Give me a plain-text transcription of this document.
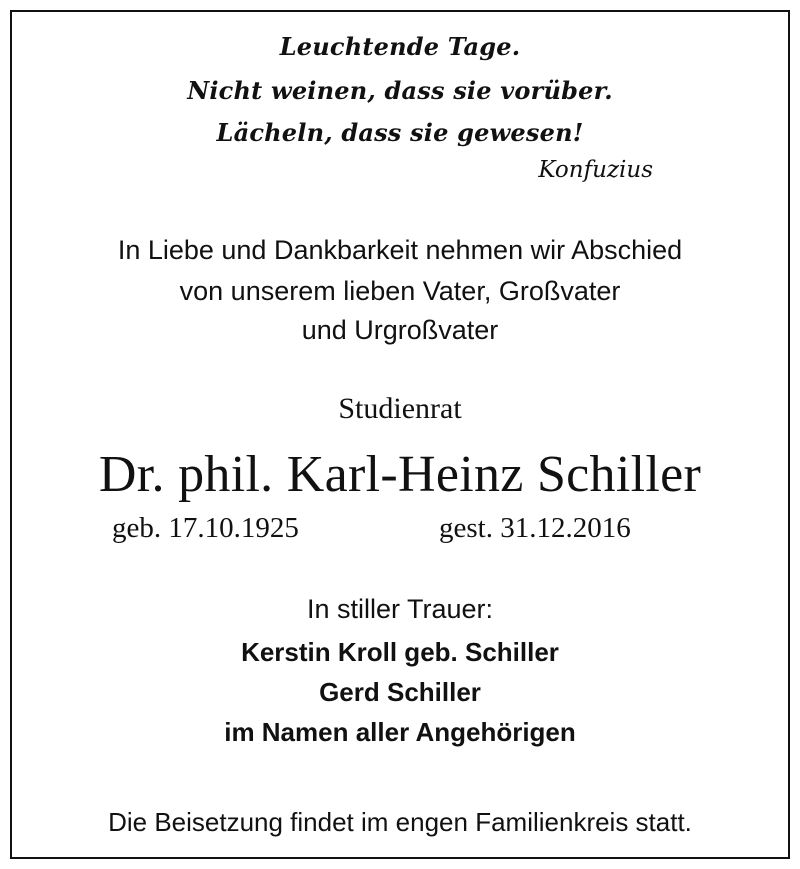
Leuchtende Tage.
Nicht weinen, dass sie vorüber.
Lächeln, dass sie gewesen!
Konfuzius
In Liebe und Dankbarkeit nehmen wir Abschied
von unserem lieben Vater, Großvater
und Urgroßvater
Studienrat
Dr. phil. Karl-Heinz Schiller
geb. 17.10.1925	gest. 31.12.2016
In stiller Trauer:
Kerstin Kroll geb. Schiller
Gerd Schiller
im Namen aller Angehörigen
Die Beisetzung findet im engen Familienkreis statt.
